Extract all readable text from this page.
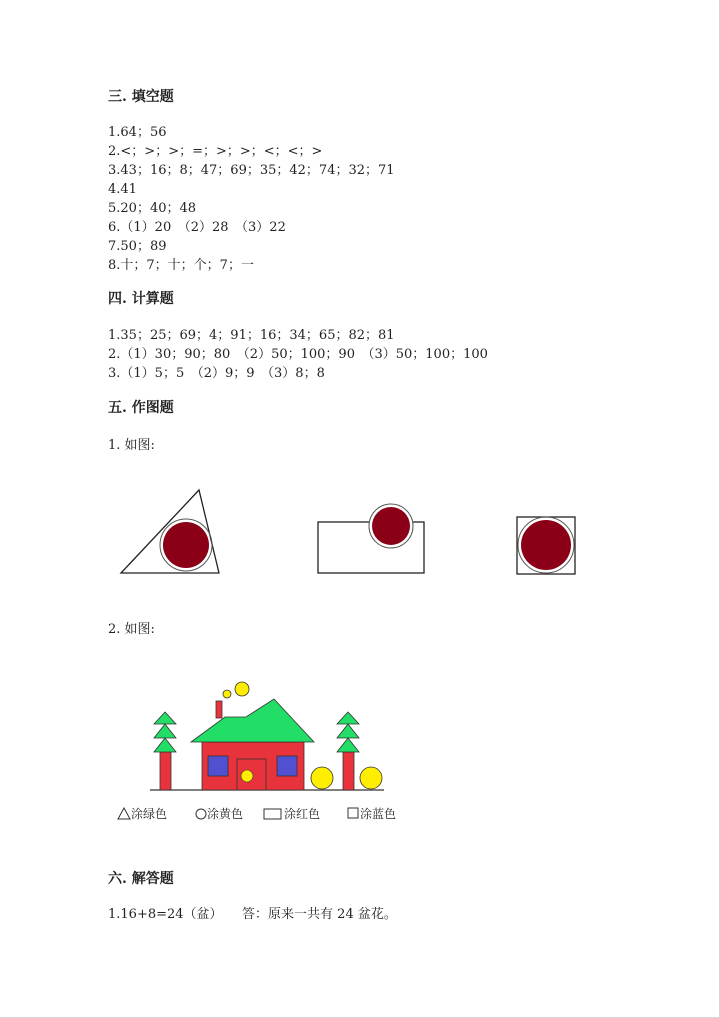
三. 填空题
1.64；56
2.<；>；>；=；>；>；<；<；>
3.43；16；8；47；69；35；42；74；32；71
4.41
5.20；40；48
6.（1）20　（2）28　（3）22
7.50；89
8.十；7；十；个；7；一
四. 计算题
1.35；25；69；4；91；16；34；65；82；81
2.（1）30；90；80　（2）50；100；90　（3）50；100；100
3.（1）5；5　（2）9；9　（3）8；8
五. 作图题
1. 如图:
2. 如图:
涂绿色	涂黄色	涂红色	涂蓝色
六. 解答题
1.16+8=24（盆）　　答：原来一共有 24 盆花。
